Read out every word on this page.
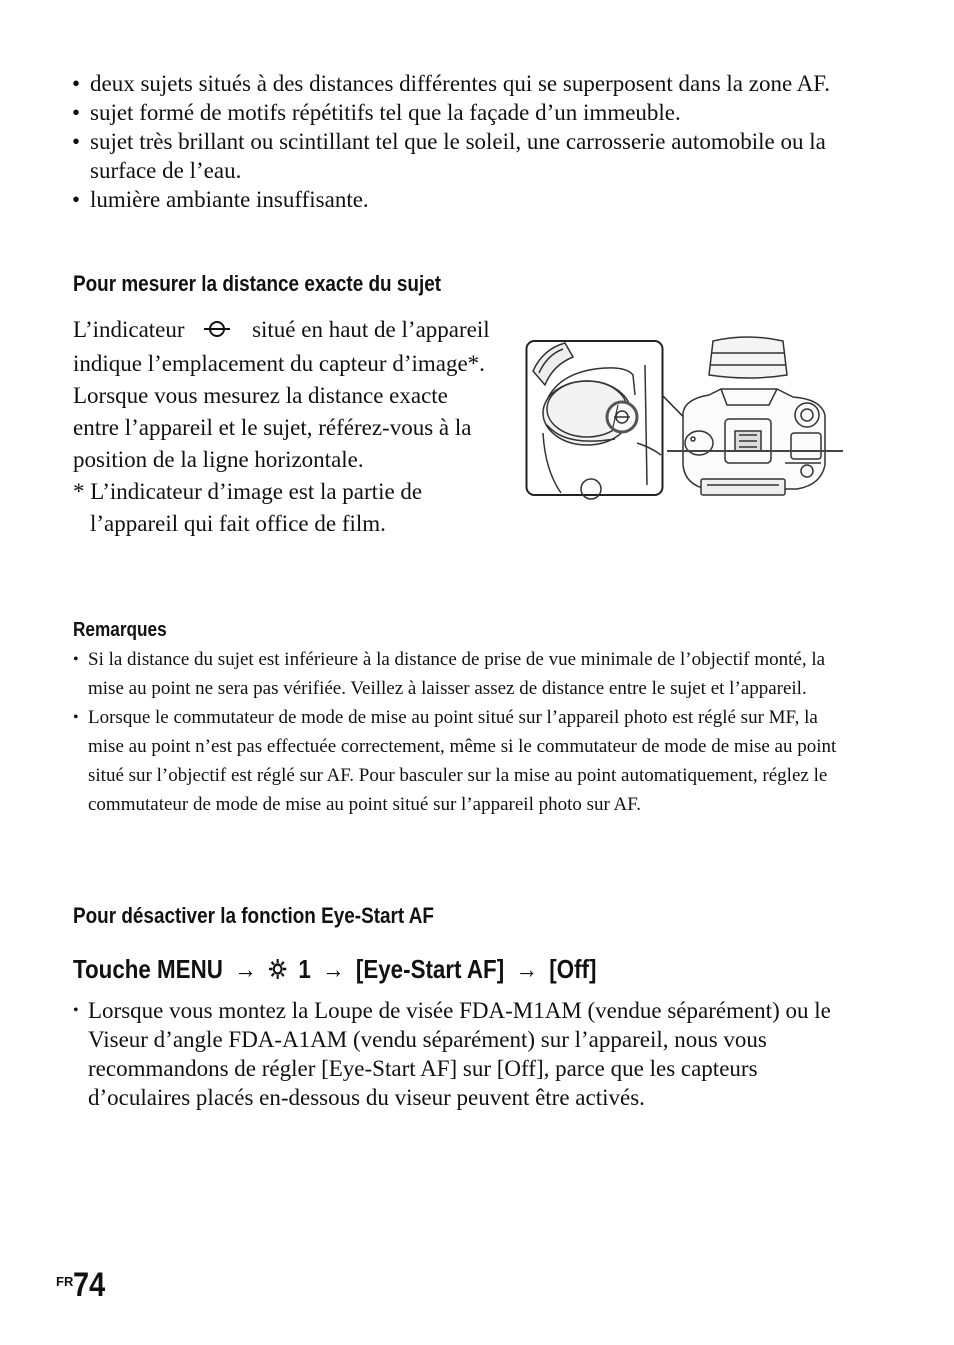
• deux sujets situés à des distances différentes qui se superposent dans la zone AF.
• sujet formé de motifs répétitifs tel que la façade d’un immeuble.
• sujet très brillant ou scintillant tel que le soleil, une carrosserie automobile ou la surface de l’eau.
• lumière ambiante insuffisante.
Pour mesurer la distance exacte du sujet
L’indicateur	situé en haut de l’appareil indique l’emplacement du capteur d’image*. Lorsque vous mesurez la distance exacte entre l’appareil et le sujet, référez-vous à la position de la ligne horizontale.
* L’indicateur d’image est la partie de l’appareil qui fait office de film.
Remarques
• Si la distance du sujet est inférieure à la distance de prise de vue minimale de l’objectif monté, la mise au point ne sera pas vérifiée. Veillez à laisser assez de distance entre le sujet et l’appareil.
• Lorsque le commutateur de mode de mise au point situé sur l’appareil photo est réglé sur MF, la mise au point n’est pas effectuée correctement, même si le commutateur de mode de mise au point situé sur l’objectif est réglé sur AF. Pour basculer sur la mise au point automatiquement, réglez le commutateur de mode de mise au point situé sur l’appareil photo sur AF.
Pour désactiver la fonction Eye-Start AF
Touche MENU → 1 → [Eye-Start AF] → [Off]
• Lorsque vous montez la Loupe de visée FDA-M1AM (vendue séparément) ou le Viseur d’angle FDA-A1AM (vendu séparément) sur l’appareil, nous vous recommandons de régler [Eye-Start AF] sur [Off], parce que les capteurs d’oculaires placés en-dessous du viseur peuvent être activés.
$^{FR}$74
